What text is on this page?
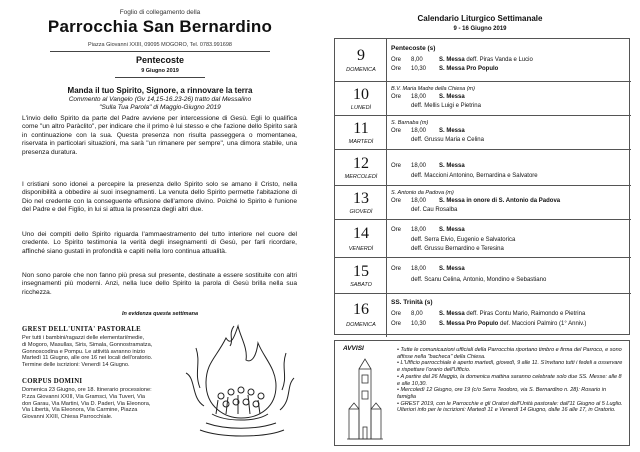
Foglio di collegamento della
Parrocchia San Bernardino
Piazza Giovanni XXIII, 09095 MOGORO, Tel. 0783.991698
Pentecoste
9 Giugno 2019
Manda il tuo Spirito, Signore, a rinnovare la terra
Commento al Vangelo (Gv 14,15-16.23-26) tratto dal Messalino
"Sulla Tua Parola" di Maggio-Giugno 2019
L'invio dello Spirito da parte del Padre avviene per intercessione di Gesù. Egli lo qualifica come "un altro Paràclito", per indicare che il primo è lui stesso e che l'azione dello Spirito sarà in continuazione con la sua. Questa presenza non risulta passeggera o momentanea, riservata in particolari situazioni, ma sarà "un rimanere per sempre", una dimora stabile, una presenza duratura.
I cristiani sono idonei a percepire la presenza dello Spirito solo se amano il Cristo, nella disponibilità a obbedire ai suoi insegnamenti. La venuta dello Spirito permette l'abitazione di Dio nel credente con la conseguente effusione dell'amore divino. Poiché lo Spirito è l'unione del Padre e del Figlio, in lui si attua la presenza degli altri due.
Uno dei compiti dello Spirito riguarda l'ammaestramento del tutto interiore nel cuore del credente. Lo Spirito testimonia la verità degli insegnamenti di Gesù, per farli ricordare, affinché siano gustati in profondità e capiti nella loro continua attualità.
Non sono parole che non fanno più presa sul presente, destinate a essere sostituite con altri insegnamenti più moderni. Anzi, nella luce dello Spirito la parola di Gesù brilla nella sua ricchezza.
In evidenza questa settimana
GREST DELL'UNITA' PASTORALE
Per tutti i bambini/ragazzi delle elementari/medie,
di Mogoro, Masullas, Siris, Simala, Gonnostramatza,
Gonnoscodina e Pompu. Le attività avranno inizio
Martedì 11 Giugno, alle ore 16 nei locali dell'oratorio.
Termine delle iscrizioni: Venerdì 14 Giugno.
CORPUS DOMINI
Domenica 23 Giugno, ore 18. Itinerario processione:
P.zza Giovanni XXIII, Via Gramsci, Via Tuveri, Via
don Garau, Via Martini, Via D. Paderi, Via Eleonora,
Via Libertà, Via Eleonora, Via Carmine, Piazza
Giovanni XXIII, Chiesa Parrocchiale.
Calendario Liturgico Settimanale
9 - 16 Giugno 2019
9
DOMENICA
Pentecoste (s)
Ore 8,00	S. Messa deff. Piras Vanda e Lucio
Ore 10,30 S. Messa Pro Populo
10
LUNEDÌ
B.V. Maria Madre della Chiesa (m)
Ore 18,00 S. Messa
deff. Mellis Luigi e Pietrina
11
MARTEDÌ
S. Barnaba (m)
Ore 18,00 S. Messa
deff. Grussu Maria e Celina
12
MERCOLEDÌ
Ore 18,00 S. Messa
deff. Maccioni Antonino, Bernardina e Salvatore
13
GIOVEDÌ
S. Antonio da Padova (m)
Ore 18,00 S. Messa in onore di S. Antonio da Padova
def. Cau Rosalba
14
VENERDÌ
Ore 18,00 S. Messa
deff. Serra Elvio, Eugenio e Salvatorica
deff. Grussu Bernardino e Teresina
15
SABATO
Ore 18,00 S. Messa
deff. Scanu Celina, Antonio, Mondino e Sebastiano
16
DOMENICA
SS. Trinità (s)
Ore 8,00	S. Messa deff. Piras Contu Mario, Raimondo e Pietrina
Ore 10,30 S. Messa Pro Populo def. Maccioni Palmiro (1° Anniv.)
AVVISI	• Tutte le comunicazioni ufficiali della Parrocchia riportano timbro e firma del Parroco, e sono affisse nella "bacheca" della Chiesa.
• L'Ufficio parrocchiale è aperto martedì, giovedì, 9 alle 11. S'invitano tutti i fedeli a osservare e rispettare l'orario dell'Ufficio.
• A partire dal 26 Maggio, la domenica mattina saranno celebrate solo due SS. Messe: alle 8 e alle 10,30.
• Mercoledì 12 Giugno, ore 19 (c/o Serra Teodoro, via S. Bernardino n. 28): Rosario in famiglia
• GREST 2019, con le Parrocchie e gli Oratori dell'Unità pastorale: dall'11 Giugno al 5 Luglio. Ulteriori info per le iscrizioni: Martedì 11 e Venerdì 14 Giugno, dalle 16 alle 17, in Oratorio.
